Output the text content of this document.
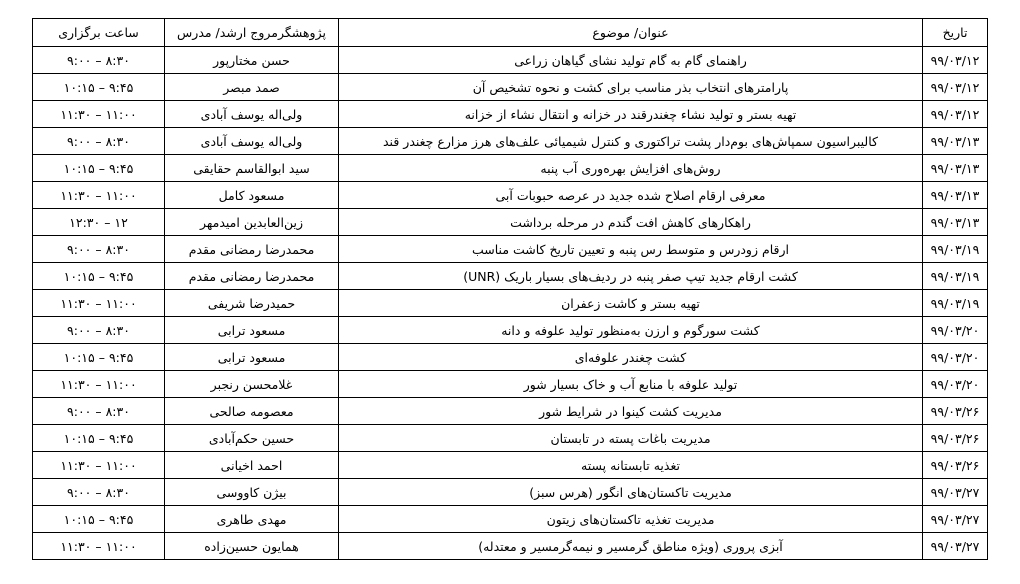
ساعت برگزاری	پژوهشگرمروج ارشد/ مدرس	عنوان/ موضوع	تاریخ
۸:۳۰ – ۹:۰۰	حسن مختارپور	راهنمای گام به گام تولید نشای گیاهان زراعی	۹۹/۰۳/۱۲
۹:۴۵ – ۱۰:۱۵	صمد مبصر	پارامترهای انتخاب بذر مناسب برای کشت و نحوه تشخیص آن	۹۹/۰۳/۱۲
۱۱:۰۰ – ۱۱:۳۰	ولی‌اله یوسف آبادی	تهیه بستر و تولید نشاء چغندرقند در خزانه و انتقال نشاء از خزانه	۹۹/۰۳/۱۲
۸:۳۰ – ۹:۰۰	ولی‌اله یوسف آبادی	کالیبراسیون سمپاش‌های بوم‌دار پشت تراکتوری و کنترل شیمیائی علف‌های هرز مزارع چغندر قند	۹۹/۰۳/۱۳
۹:۴۵ – ۱۰:۱۵	سید ابوالقاسم حقایقی	روش‌های افزایش بهره‌وری آب پنبه	۹۹/۰۳/۱۳
۱۱:۰۰ – ۱۱:۳۰	مسعود کامل	معرفی ارقام اصلاح شده جدید در عرصه حبوبات آبی	۹۹/۰۳/۱۳
۱۲ – ۱۲:۳۰	زین‌العابدین امیدمهر	راهکارهای کاهش افت گندم در مرحله برداشت	۹۹/۰۳/۱۳
۸:۳۰ – ۹:۰۰	محمدرضا رمضانی مقدم	ارقام زودرس و متوسط رس پنبه و تعیین تاریخ کاشت مناسب	۹۹/۰۳/۱۹
۹:۴۵ – ۱۰:۱۵	محمدرضا رمضانی مقدم	کشت ارقام جدید تیپ صفر پنبه در ردیف‌های بسیار باریک (UNR)	۹۹/۰۳/۱۹
۱۱:۰۰ – ۱۱:۳۰	حمیدرضا شریفی	تهیه بستر و کاشت زعفران	۹۹/۰۳/۱۹
۸:۳۰ – ۹:۰۰	مسعود ترابی	کشت سورگوم و ارزن به‌منظور تولید علوفه و دانه	۹۹/۰۳/۲۰
۹:۴۵ – ۱۰:۱۵	مسعود ترابی	کشت چغندر علوفه‌ای	۹۹/۰۳/۲۰
۱۱:۰۰ – ۱۱:۳۰	غلامحسن رنجبر	تولید علوفه با منابع آب و خاک بسیار شور	۹۹/۰۳/۲۰
۸:۳۰ – ۹:۰۰	معصومه صالحی	مدیریت کشت کینوا در شرایط شور	۹۹/۰۳/۲۶
۹:۴۵ – ۱۰:۱۵	حسین حکم‌آبادی	مدیریت باغات پسته در تابستان	۹۹/۰۳/۲۶
۱۱:۰۰ – ۱۱:۳۰	احمد اخیانی	تغذیه تابستانه پسته	۹۹/۰۳/۲۶
۸:۳۰ – ۹:۰۰	بیژن کاووسی	مدیریت تاکستان‌های انگور (هرس سبز)	۹۹/۰۳/۲۷
۹:۴۵ – ۱۰:۱۵	مهدی طاهری	مدیریت تغذیه تاکستان‌های زیتون	۹۹/۰۳/۲۷
۱۱:۰۰ – ۱۱:۳۰	همایون حسین‌زاده	آبزی پروری (ویژه مناطق گرمسیر و نیمه‌گرمسیر و معتدله)	۹۹/۰۳/۲۷
